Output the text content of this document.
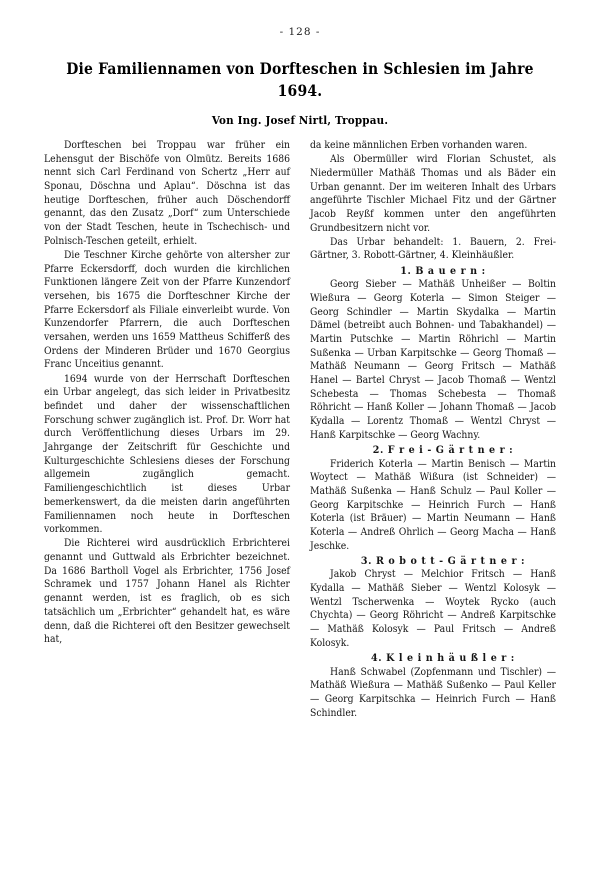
- 128 -
Die Familiennamen von Dorfteschen in Schlesien im Jahre 1694.
Von Ing. Josef Nirtl, Troppau.

Dorfteschen bei Troppau war früher ein Lehensgut der Bischöfe von Olmütz. Bereits 1686 nennt sich Carl Ferdinand von Schertz „Herr auf Sponau, Döschna und Aplau“. Döschna ist das heutige Dorfteschen, früher auch Döschendorff genannt, das den Zusatz „Dorf“ zum Unterschiede von der Stadt Teschen, heute in Tschechisch- und Polnisch-Teschen geteilt, erhielt.

Die Teschner Kirche gehörte von altersher zur Pfarre Eckersdorff, doch wurden die kirchlichen Funktionen längere Zeit von der Pfarre Kunzendorf versehen, bis 1675 die Dorfteschner Kirche der Pfarre Eckersdorf als Filiale einverleibt wurde. Von Kunzendorfer Pfarrern, die auch Dorfteschen versahen, werden uns 1659 Mattheus Schifferß des Ordens der Minderen Brüder und 1670 Georgius Franc Unceitius genannt.

1694 wurde von der Herrschaft Dorfteschen ein Urbar angelegt, das sich leider in Privatbesitz befindet und daher der wissenschaftlichen Forschung schwer zugänglich ist. Prof. Dr. Worr hat durch Veröffentlichung dieses Urbars im 29. Jahrgange der Zeitschrift für Geschichte und Kulturgeschichte Schlesiens dieses der Forschung allgemein zugänglich gemacht. Familiengeschichtlich ist dieses Urbar bemerkenswert, da die meisten darin angeführten Familiennamen noch heute in Dorfteschen vorkommen.

Die Richterei wird ausdrücklich Erbrichterei genannt und Guttwald als Erbrichter bezeichnet. Da 1686 Bartholl Vogel als Erbrichter, 1756 Josef Schramek und 1757 Johann Hanel als Richter genannt werden, ist es fraglich, ob es sich tatsächlich um „Erbrichter“ gehandelt hat, es wäre denn, daß die Richterei oft den Besitzer gewechselt hat,

da keine männlichen Erben vorhanden waren.

Als Obermüller wird Florian Schustet, als Niedermüller Mathäß Thomas und als Bäder ein Urban genannt. Der im weiteren Inhalt des Urbars angeführte Tischler Michael Fitz und der Gärtner Jacob Reyßf kommen unter den angeführten Grundbesitzern nicht vor.

Das Urbar behandelt: 1. Bauern, 2. Frei-Gärtner, 3. Robott-Gärtner, 4. Kleinhäußler.

1. B a u e r n :

Georg Sieber — Mathäß Unheißer — Boltin Wießura — Georg Koterla — Simon Steiger — Georg Schindler — Martin Skydalka — Martin Dämel (betreibt auch Bohnen- und Tabakhandel) — Martin Putschke — Martin Röhrichl — Martin Sußenka — Urban Karpitschke — Georg Thomaß — Mathäß Neumann — Georg Fritsch — Mathäß Hanel — Bartel Chryst — Jacob Thomaß — Wentzl Schebesta — Thomas Schebesta — Thomaß Röhricht — Hanß Koller — Johann Thomaß — Jacob Kydalla — Lorentz Thomaß — Wentzl Chryst — Hanß Karpitschke — Georg Wachny.

2. F r e i - G ä r t n e r :

Friderich Koterla — Martin Benisch — Martin Woytect — Mathäß Wißura (ist Schneider) — Mathäß Sußenka — Hanß Schulz — Paul Koller — Georg Karpitschke — Heinrich Furch — Hanß Koterla (ist Bräuer) — Martin Neumann — Hanß Koterla — Andreß Ohrlich — Georg Macha — Hanß Jeschke.

3. R o b o t t - G ä r t n e r :

Jakob Chryst — Melchior Fritsch — Hanß Kydalla — Mathäß Sieber — Wentzl Kolosyk — Wentzl Tscherwenka — Woytek Rycko (auch Chychta) — Georg Röhricht — Andreß Karpitschke — Mathäß Kolosyk — Paul Fritsch — Andreß Kolosyk.

4. K l e i n h ä u ß l e r :

Hanß Schwabel (Zopfenmann und Tischler) — Mathäß Wießura — Mathäß Sußenko — Paul Keller — Georg Karpitschka — Heinrich Furch — Hanß Schindler.
